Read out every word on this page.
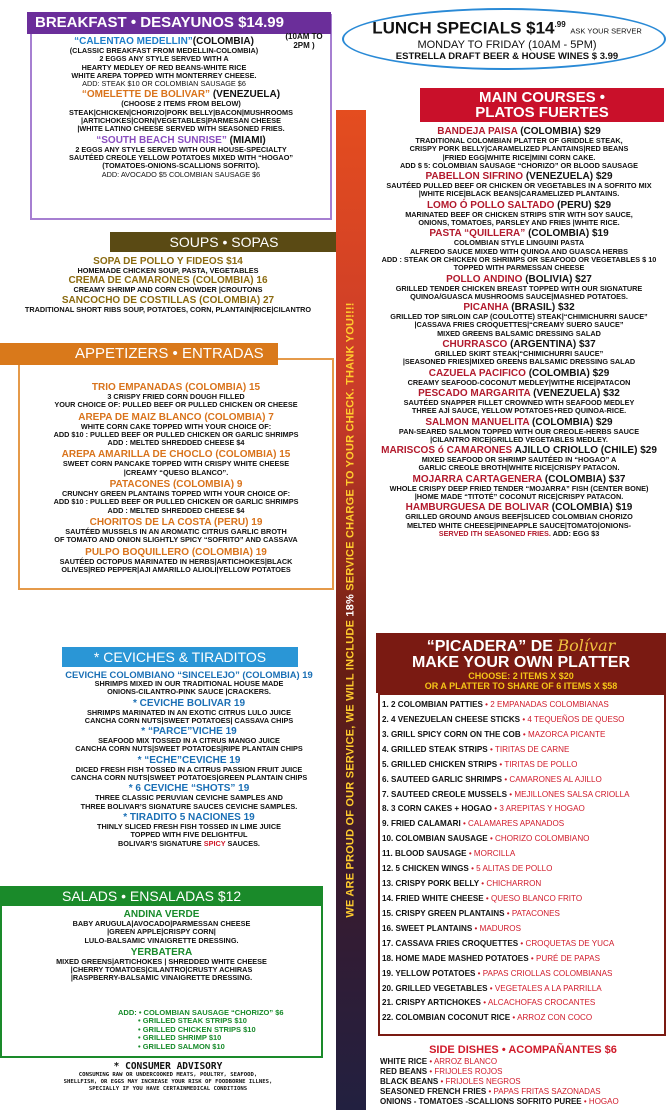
BREAKFAST • DESAYUNOS $14.99
(10AM TO 2PM )
“CALENTAO MEDELLIN”(COLOMBIA)
(CLASSIC BREAKFAST FROM MEDELLIN-COLOMBIA)
2 EGGS ANY STYLE SERVED WITH A
HEARTY MEDLEY OF RED BEANS-WHITE RICE
WHITE AREPA TOPPED WITH MONTERREY CHEESE.
ADD: STEAK $10 OR COLOMBIAN SAUSAGE $6
“OMELETTE DE BOLIVAR” (VENEZUELA)
(CHOOSE 2 ITEMS FROM BELOW)
STEAK|CHICKEN|CHORIZO|PORK BELLY|BACON|MUSHROOMS
|ARTICHOKES|CORN|VEGETABLES|PARMESAN CHEESE
|WHITE LATINO CHEESE SERVED WITH SEASONED FRIES.
“SOUTH BEACH SUNRISE” (MIAMI)
2 EGGS ANY STYLE SERVED WITH OUR HOUSE-SPECIALTY
SAUTÉED CREOLE YELLOW POTATOES MIXED WITH “HOGAO”
(TOMATOES-ONIONS-SCALLIONS SOFRITO).
ADD: AVOCADO $5 COLOMBIAN SAUSAGE $6
SOUPS • SOPAS
SOPA DE POLLO Y FIDEOS $14
HOMEMADE CHICKEN SOUP, PASTA, VEGETABLES
CREMA DE CAMARONES (COLOMBIA) 16
CREAMY SHRIMP AND CORN CHOWDER |CROUTONS
SANCOCHO DE COSTILLAS (COLOMBIA) 27
TRADITIONAL SHORT RIBS SOUP, POTATOES, CORN, PLANTAIN|RICE|CILANTRO
APPETIZERS • ENTRADAS
TRIO EMPANADAS (COLOMBIA) 15
3 CRISPY FRIED CORN DOUGH FILLED
YOUR CHOICE OF: PULLED BEEF OR PULLED CHICKEN OR CHEESE
AREPA DE MAIZ BLANCO (COLOMBIA) 7
WHITE CORN CAKE TOPPED WITH YOUR CHOICE OF:
ADD $10 : PULLED BEEF OR PULLED CHICKEN OR GARLIC SHRIMPS
ADD : MELTED SHREDDED CHEESE $4
AREPA AMARILLA DE CHOCLO (COLOMBIA) 15
SWEET CORN PANCAKE TOPPED WITH CRISPY WHITE CHEESE
|CREAMY “QUESO BLANCO”.
PATACONES (COLOMBIA) 9
CRUNCHY GREEN PLANTAINS TOPPED WITH YOUR CHOICE OF:
ADD $10 : PULLED BEEF OR PULLED CHICKEN OR GARLIC SHRIMPS
ADD : MELTED SHREDDED CHEESE $4
CHORITOS DE LA COSTA (PERU) 19
SAUTÉED MUSSELS IN AN AROMATIC CITRUS GARLIC BROTH
OF TOMATO AND ONION SLIGHTLY SPICY “SOFRITO” AND CASSAVA
PULPO BOQUILLERO (COLOMBIA) 19
SAUTÉED OCTOPUS MARINATED IN HERBS|ARTICHOKES|BLACK
OLIVES|RED PEPPER|AJI AMARILLO ALIOLI|YELLOW POTATOES
* CEVICHES & TIRADITOS
CEVICHE COLOMBIANO “SINCELEJO” (COLOMBIA) 19
SHRIMPS MIXED IN OUR TRADITIONAL HOUSE MADE
ONIONS-CILANTRO-PINK SAUCE |CRACKERS.
* CEVICHE BOLIVAR 19
SHRIMPS MARINATED IN AN EXOTIC CITRUS LULO JUICE
CANCHA CORN NUTS|SWEET POTATOES| CASSAVA CHIPS
* “PARCE”VICHE 19
SEAFOOD MIX TOSSED IN A CITRUS MANGO JUICE
CANCHA CORN NUTS|SWEET POTATOES|RIPE PLANTAIN CHIPS
* “ECHE”CEVICHE 19
DICED FRESH FISH TOSSED IN A CITRUS PASSION FRUIT JUICE
CANCHA CORN NUTS|SWEET POTATOES|GREEN PLANTAIN CHIPS
* 6 CEVICHE “SHOTS” 19
THREE CLASSIC PERUVIAN CEVICHE SAMPLES AND
THREE BOLIVAR’S SIGNATURE SAUCES CEVICHE SAMPLES.
* TIRADITO 5 NACIONES 19
THINLY SLICED FRESH FISH TOSSED IN LIME JUICE
TOPPED WITH FIVE DELIGHTFUL
BOLIVAR’S SIGNATURE SPICY SAUCES.
SALADS • ENSALADAS $12
ANDINA VERDE
BABY ARUGULA|AVOCADO|PARMESSAN CHEESE
|GREEN APPLE|CRISPY CORN|
LULO-BALSAMIC VINAIGRETTE DRESSING.
YERBATERA
MIXED GREENS|ARTICHOKES | SHREDDED WHITE CHEESE
|CHERRY TOMATOES|CILANTRO|CRUSTY ACHIRAS
|RASPBERRY-BALSAMIC VINAIGRETTE DRESSING.
ADD: • COLOMBIAN SAUSAGE “CHORIZO” $6
• GRILLED STEAK STRIPS $10
• GRILLED CHICKEN STRIPS $10
• GRILLED SHRIMP $10
• GRILLED SALMON $10
* CONSUMER ADVISORY
CONSUMING RAW OR UNDERCOOKED MEATS, POULTRY, SEAFOOD,
SHELLFISH, OR EGGS MAY INCREASE YOUR RISK OF FOODBORNE ILLNES,
SPECIALLY IF YOU HAVE CERTAINMEDICAL CONDITIONS
WE ARE PROUD OF OUR SERVICE, WE WILL INCLUDE 18% SERVICE CHARGE TO YOUR CHECK. THANK YOU!!!!
LUNCH SPECIALS $\$14^{.99}$ ASK YOUR SERVER
MONDAY TO FRIDAY (10AM - 5PM)
ESTRELLA DRAFT BEER & HOUSE WINES $ 3.99
MAIN COURSES •
PLATOS FUERTES
BANDEJA PAISA (COLOMBIA) $29
TRADITIONAL COLOMBIAN PLATTER OF GRIDDLE STEAK,
CRISPY PORK BELLY|CARAMELIZED PLANTAINS|RED BEANS
|FRIED EGG|WHITE RICE|MINI CORN CAKE.
ADD $ 5: COLOMBIAN SAUSAGE “CHORIZO” OR BLOOD SAUSAGE
PABELLON SIFRINO (VENEZUELA) $29
SAUTÉED PULLED BEEF OR CHICKEN OR VEGETABLES IN A SOFRITO MIX
|WHITE RICE|BLACK BEANS|CARAMELIZED PLANTAINS.
LOMO Ó POLLO SALTADO (PERU) $29
MARINATED BEEF OR CHICKEN STRIPS STIR WITH SOY SAUCE,
ONIONS, TOMATOES, PARSLEY AND FRIES |WHITE RICE.
PASTA “QUILLERA” (COLOMBIA) $19
COLOMBIAN STYLE LINGUINI PASTA
ALFREDO SAUCE MIXED WITH QUINOA AND GUASCA HERBS
ADD : STEAK OR CHICKEN OR SHRIMPS OR SEAFOOD OR VEGETABLES $ 10
TOPPED WITH PARMESSAN CHEESE
POLLO ANDINO (BOLIVIA) $27
GRILLED TENDER CHICKEN BREAST TOPPED WITH OUR SIGNATURE
QUINOA/GUASCA MUSHROOMS SAUCE|MASHED POTATOES.
PICANHA (BRASIL) $32
GRILLED TOP SIRLOIN CAP (COULOTTE) STEAK|“CHIMICHURRI SAUCE”
|CASSAVA FRIES CROQUETTES|“CREAMY SUERO SAUCE”
MIXED GREENS BALSAMIC DRESSING SALAD
CHURRASCO (ARGENTINA) $37
GRILLED SKIRT STEAK|“CHIMICHURRI SAUCE”
|SEASONED FRIES|MIXED GREENS BALSAMIC DRESSING SALAD
CAZUELA PACIFICO (COLOMBIA) $29
CREAMY SEAFOOD-COCONUT MEDLEY|WITHE RICE|PATACON
PESCADO MARGARITA (VENEZUELA) $32
SAUTÉED SNAPPER FILLET CROWNED WITH SEAFOOD MEDLEY
THREE AJÍ SAUCE, YELLOW POTATOES+RED QUINOA-RICE.
SALMON MANUELITA (COLOMBIA) $29
PAN-SEARED SALMON TOPPED WITH OUR CREOLE-HERBS SAUCE
|CILANTRO RICE|GRILLED VEGETABLES MEDLEY.
MARISCOS ó CAMARONES AJILLO CRIOLLO (CHILE) $29
MIXED SEAFOOD OR SHRIMP SAUTÉED IN “HOGAO” A
GARLIC CREOLE BROTH|WHITE RICE|CRISPY PATACON.
MOJARRA CARTAGENERA (COLOMBIA) $37
WHOLE CRISPY DEEP FRIED TENDER “MOJARRA” FISH (CENTER BONE)
|HOME MADE “TITOTÉ” COCONUT RICE|CRISPY PATACON.
HAMBURGUESA DE BOLIVAR (COLOMBIA) $19
GRILLED GROUND ANGUS BEEF|SLICED COLOMBIAN CHORIZO
MELTED WHITE CHEESE|PINEAPPLE SAUCE|TOMATO|ONIONS-
SERVED ITH SEASONED FRIES. ADD: EGG $3
“PICADERA” DE Bolívar
MAKE YOUR OWN PLATTER
CHOOSE: 2 ITEMS X $20
OR A PLATTER TO SHARE OF 6 ITEMS X $58
1. 2 COLOMBIAN PATTIES • 2 EMPANADAS COLOMBIANAS
2. 4 VENEZUELAN CHEESE STICKS • 4 TEQUEÑOS DE QUESO
3. GRILL SPICY CORN ON THE COB • MAZORCA PICANTE
4. GRILLED STEAK STRIPS • TIRITAS DE CARNE
5. GRILLED CHICKEN STRIPS • TIRITAS DE POLLO
6. SAUTEED GARLIC SHRIMPS • CAMARONES AL AJILLO
7. SAUTEED CREOLE MUSSELS • MEJILLONES SALSA CRIOLLA
8. 3 CORN CAKES + HOGAO • 3 AREPITAS Y HOGAO
9. FRIED CALAMARI • CALAMARES APANADOS
10. COLOMBIAN SAUSAGE • CHORIZO COLOMBIANO
11. BLOOD SAUSAGE • MORCILLA
12. 5 CHICKEN WINGS • 5 ALITAS DE POLLO
13. CRISPY PORK BELLY • CHICHARRON
14. FRIED WHITE CHEESE • QUESO BLANCO FRITO
15. CRISPY GREEN PLANTAINS • PATACONES
16. SWEET PLANTAINS • MADUROS
17. CASSAVA FRIES CROQUETTES • CROQUETAS DE YUCA
18. HOME MADE MASHED POTATOES • PURÉ DE PAPAS
19. YELLOW POTATOES • PAPAS CRIOLLAS COLOMBIANAS
20. GRILLED VEGETABLES • VEGETALES A LA PARRILLA
21. CRISPY ARTICHOKES • ALCACHOFAS CROCANTES
22. COLOMBIAN COCONUT RICE • ARROZ CON COCO
SIDE DISHES • ACOMPAÑANTES $6
WHITE RICE • ARROZ BLANCO
RED BEANS • FRIJOLES ROJOS
BLACK BEANS • FRIJOLES NEGROS
SEASONED FRENCH FRIES • PAPAS FRITAS SAZONADAS
ONIONS - TOMATOES -SCALLIONS SOFRITO PUREE • HOGAO
